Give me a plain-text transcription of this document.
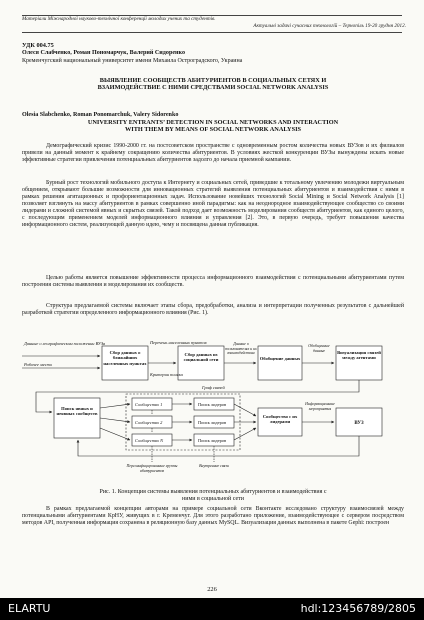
Матеріали Міжнародної науково-технічної конференції молодих учених та студентів.
Актуальні задачі сучасних технологій – Тернопіль 19-20 грудня 2012.
УДК 004.75
Олеся Слабченко, Роман Пономарчук, Валерий Сидоренко
Кременчугский национальный университет имени Михаила Остроградского, Украина
ВЫЯВЛЕНИЕ СООБЩЕСТВ АБИТУРИЕНТОВ В СОЦИАЛЬНЫХ СЕТЯХ И
ВЗАИМОДЕЙСТВИЕ С НИМИ СРЕДСТВАМИ SOCIAL NETWORK ANALYSIS
Olesia Slabchenko, Roman Ponomarchuk, Valery Sidorenko
UNIVERSITY ENTRANTS’ DETECTION IN SOCIAL NETWORKS AND INTERACTION
WITH THEM BY MEANS OF SOCIAL NETWORK ANALYSIS
Демографический кризис 1990-2000 гг. на постсоветском пространстве с одновременным ростом количества новых ВУЗов и их филиалов привели на данный момент к крайнему сокращению количества абитуриентов. В условиях жесткой конкуренции ВУЗы вынуждены искать новые эффективные стратегии привлечения потенциальных абитуриентов задолго до начала приемной кампании.
Бурный рост технологий мобильного доступа к Интернету и социальных сетей, приведшие к тотальному увлечению молодежи виртуальным общением, открывают большие возможности для инновационных стратегий выявления потенциальных абитуриентов и взаимодействия с ними в рамках решения агитационных и профориентационных задач. Использование новейших технологий Social Mining и Social Network Analysis [1] позволяет взглянуть на массу абитуриентов в рамках совершенно иной парадигмы: как на неоднородное взаимодействующее сообщество со своими лидерами и сложной системой явных и скрытых связей. Такой подход дает возможность моделирования сообществ абитуриентов, как единого целого, с последующим применением моделей информационного влияния и управления [2]. Это, в первую очередь, требует повышения качества информационного систем, реализующей данную идею, чему и посвящена данная публикация.
Целью работы является повышение эффективности процесса информационного взаимодействия с потенциальными абитуриентами путем построения системы выявления и моделирования их сообществ.
Структура предлагаемой системы включает этапы сбора, предобработки, анализа и интерпретации полученных результатов с дальнейшей разработкой стратегии определенного информационного влияния (Рис. 1).
Данные о географическом положении ВУЗа
Рабочее место
Сбор данных о ближайших населенных пунктах
Перечень населенных пунктов
Критерии поиска
Сбор данных из социальной сети
Данные о пользователях и их взаимодействии
Обобщение данных
Обобщенные данные	Визуализация связей между агентами
Граф связей
Поиск явных и неявных сообществ
Сообщество 1
Сообщество 2
Сообщество N
Поиск лидеров
Поиск лидеров
Поиск лидеров
Сообщество с их лидерами
Информационные мероприятия
ВУЗ
Персонифицированные группы абитуриентов
Внутренние связи
Рис. 1. Концепция системы выявления потенциальных абитуриентов и взаимодействия с
ними в социальной сети
В рамках предлагаемой концепции авторами на примере социальной сети Вконтакте исследовано структуру взаимосвязей между потенциальными абитуриентами КрНУ, живущих в г. Кременчуг. Для этого разработано приложение, взаимодействующее с сервером посредством методов API, полученная информация сохранена в реляционную базу данных MySQL. Визуализация данных выполнена в пакете Gephi: построен
226
ELARTU	hdl:123456789/2805
